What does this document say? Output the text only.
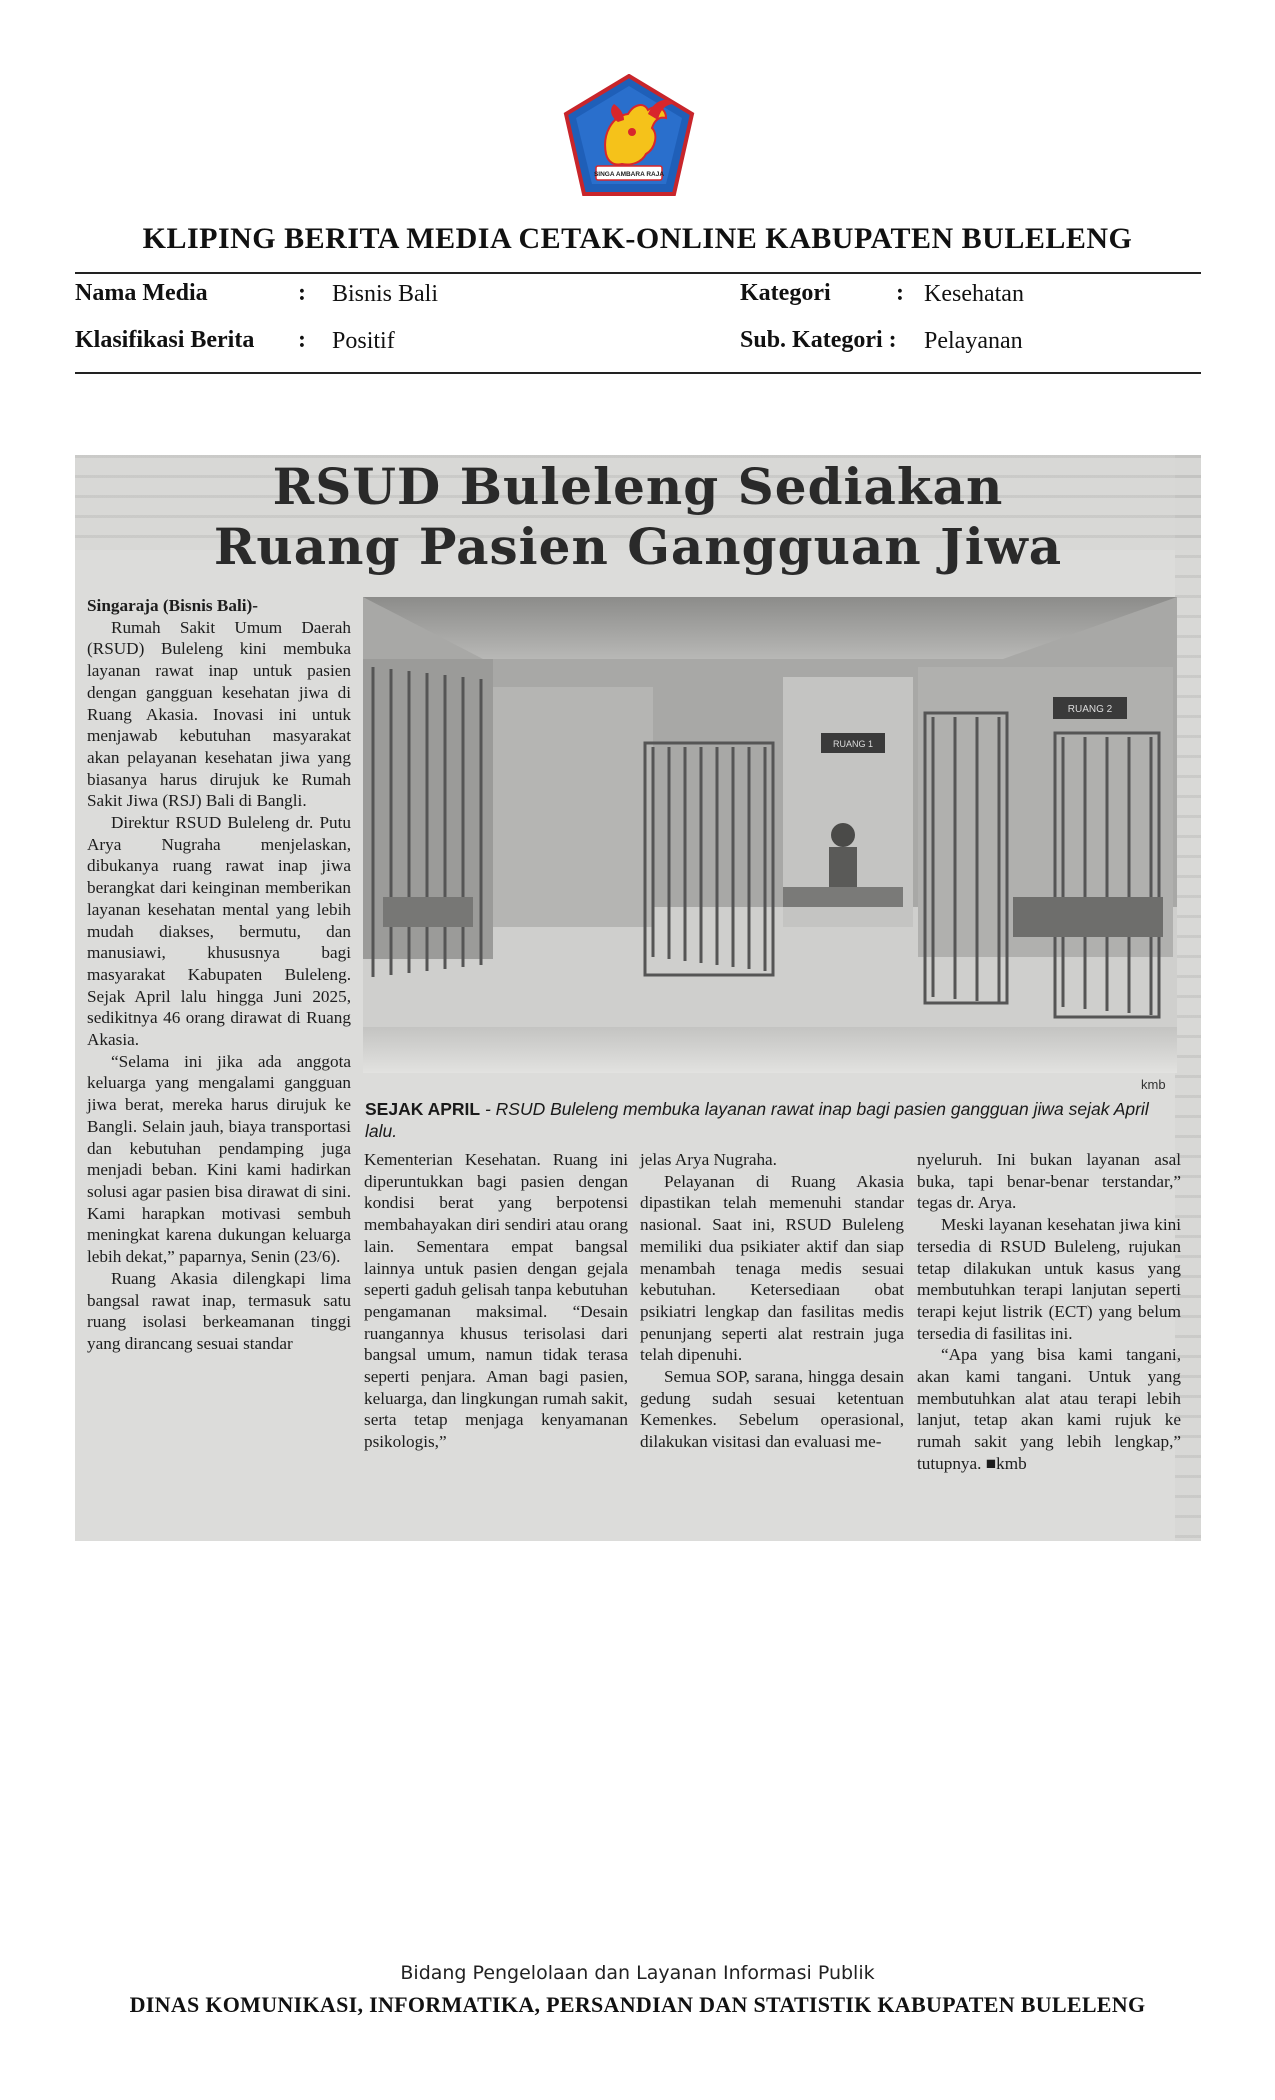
SINGA AMBARA RAJA
KLIPING BERITA MEDIA CETAK-ONLINE KABUPATEN BULELENG
Nama Media	: Bisnis Bali	Kategori	: Kesehatan
Klasifikasi Berita : Positif	Sub. Kategori : Pelayanan
RSUD Buleleng Sediakan
Ruang Pasien Gangguan Jiwa

Singaraja (Bisnis Bali)-

Rumah Sakit Umum Daerah (RSUD) Buleleng kini membuka layanan rawat inap untuk pasien dengan gangguan kesehatan jiwa di Ruang Akasia. Inovasi ini untuk menjawab kebutuhan masyarakat akan pelayanan kesehatan jiwa yang biasanya harus dirujuk ke Rumah Sakit Jiwa (RSJ) Bali di Bangli.

Direktur RSUD Buleleng dr. Putu Arya Nugraha menjelaskan, dibukanya ruang rawat inap jiwa berangkat dari keinginan memberikan layanan kesehatan mental yang lebih mudah diakses, bermutu, dan manusiawi, khususnya bagi masyarakat Kabupaten Buleleng. Sejak April lalu hingga Juni 2025, sedikitnya 46 orang dirawat di Ruang Akasia.

“Selama ini jika ada anggota keluarga yang mengalami gangguan jiwa berat, mereka harus dirujuk ke Bangli. Selain jauh, biaya transportasi dan kebutuhan pendamping juga menjadi beban. Kini kami hadirkan solusi agar pasien bisa dirawat di sini. Kami harapkan motivasi sembuh meningkat karena dukungan keluarga lebih dekat,” paparnya, Senin (23/6).

Ruang Akasia dilengkapi lima bangsal rawat inap, termasuk satu ruang isolasi berkeamanan tinggi yang dirancang sesuai standar

RUANG 1
RUANG 2
kmb
SEJAK APRIL - RSUD Buleleng membuka layanan rawat inap bagi pasien gangguan jiwa sejak April lalu.

Kementerian Kesehatan. Ruang ini diperuntukkan bagi pasien dengan kondisi berat yang berpotensi membahayakan diri sendiri atau orang lain. Sementara empat bangsal lainnya untuk pasien dengan gejala seperti gaduh gelisah tanpa kebutuhan pengamanan maksimal. “Desain ruangannya khusus terisolasi dari bangsal umum, namun tidak terasa seperti penjara. Aman bagi pasien, keluarga, dan lingkungan rumah sakit, serta tetap menjaga kenyamanan psikologis,”

jelas Arya Nugraha.

Pelayanan di Ruang Akasia dipastikan telah memenuhi standar nasional. Saat ini, RSUD Buleleng memiliki dua psikiater aktif dan siap menambah tenaga medis sesuai kebutuhan. Ketersediaan obat psikiatri lengkap dan fasilitas medis penunjang seperti alat restrain juga telah dipenuhi.

Semua SOP, sarana, hingga desain gedung sudah sesuai ketentuan Kemenkes. Sebelum operasional, dilakukan visitasi dan evaluasi me-

nyeluruh. Ini bukan layanan asal buka, tapi benar-benar terstandar,” tegas dr. Arya.

Meski layanan kesehatan jiwa kini tersedia di RSUD Buleleng, rujukan tetap dilakukan untuk kasus yang membutuhkan terapi lanjutan seperti terapi kejut listrik (ECT) yang belum tersedia di fasilitas ini.

“Apa yang bisa kami tangani, akan kami tangani. Untuk yang membutuhkan alat atau terapi lebih lanjut, tetap akan kami rujuk ke rumah sakit yang lebih lengkap,” tutupnya. ■kmb

Bidang Pengelolaan dan Layanan Informasi Publik
DINAS KOMUNIKASI, INFORMATIKA, PERSANDIAN DAN STATISTIK KABUPATEN BULELENG
